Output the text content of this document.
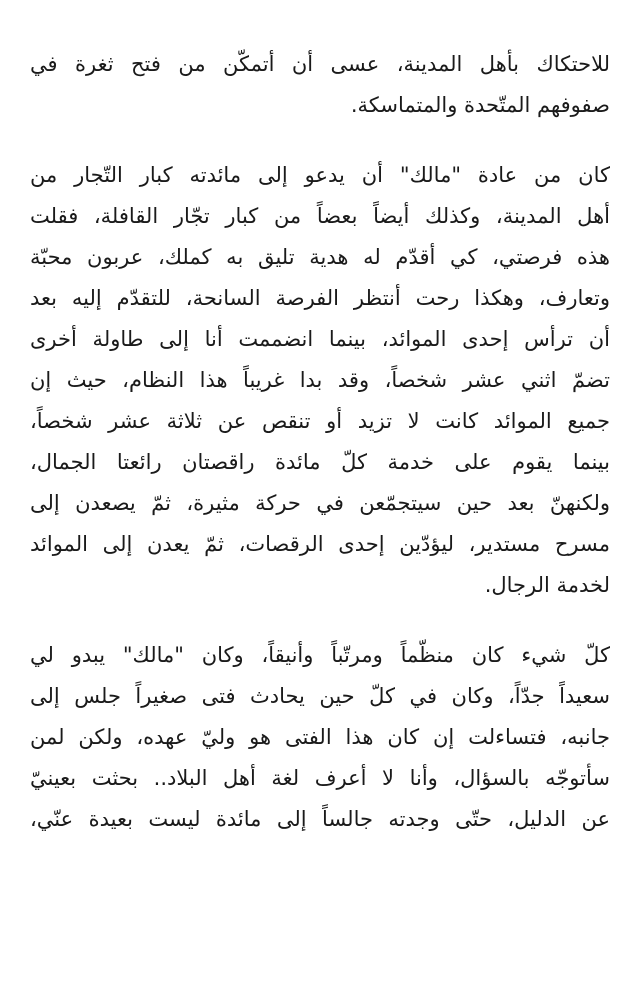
للاحتكاك بأهل المدينة، عسى أن أتمكّن من فتح ثغرة في
صفوفهم المتّحدة والمتماسكة.

كان من عادة "مالك" أن يدعو إلى مائدته كبار التّجار من
أهل المدينة، وكذلك أيضاً بعضاً من كبار تجّار القافلة، فقلت
هذه فرصتي، كي أقدّم له هدية تليق به كملك، عربون محبّة
وتعارف، وهكذا رحت أنتظر الفرصة السانحة، للتقدّم إليه بعد
أن ترأس إحدى الموائد، بينما انضممت أنا إلى طاولة أخرى
تضمّ اثني عشر شخصاً، وقد بدا غريباً هذا النظام، حيث إن
جميع الموائد كانت لا تزيد أو تنقص عن ثلاثة عشر شخصاً،
بينما يقوم على خدمة كلّ مائدة راقصتان رائعتا الجمال،
ولكنهنّ بعد حين سيتجمّعن في حركة مثيرة، ثمّ يصعدن إلى
مسرح مستدير، ليؤدّين إحدى الرقصات، ثمّ يعدن إلى الموائد
لخدمة الرجال.

كلّ شيء كان منظّماً ومرتّباً وأنيقاً، وكان "مالك" يبدو لي
سعيداً جدّاً، وكان في كلّ حين يحادث فتى صغيراً جلس إلى
جانبه، فتساءلت إن كان هذا الفتى هو وليّ عهده، ولكن لمن
سأتوجّه بالسؤال، وأنا لا أعرف لغة أهل البلاد.. بحثت بعينيّ
عن الدليل، حتّى وجدته جالساً إلى مائدة ليست بعيدة عنّي،
